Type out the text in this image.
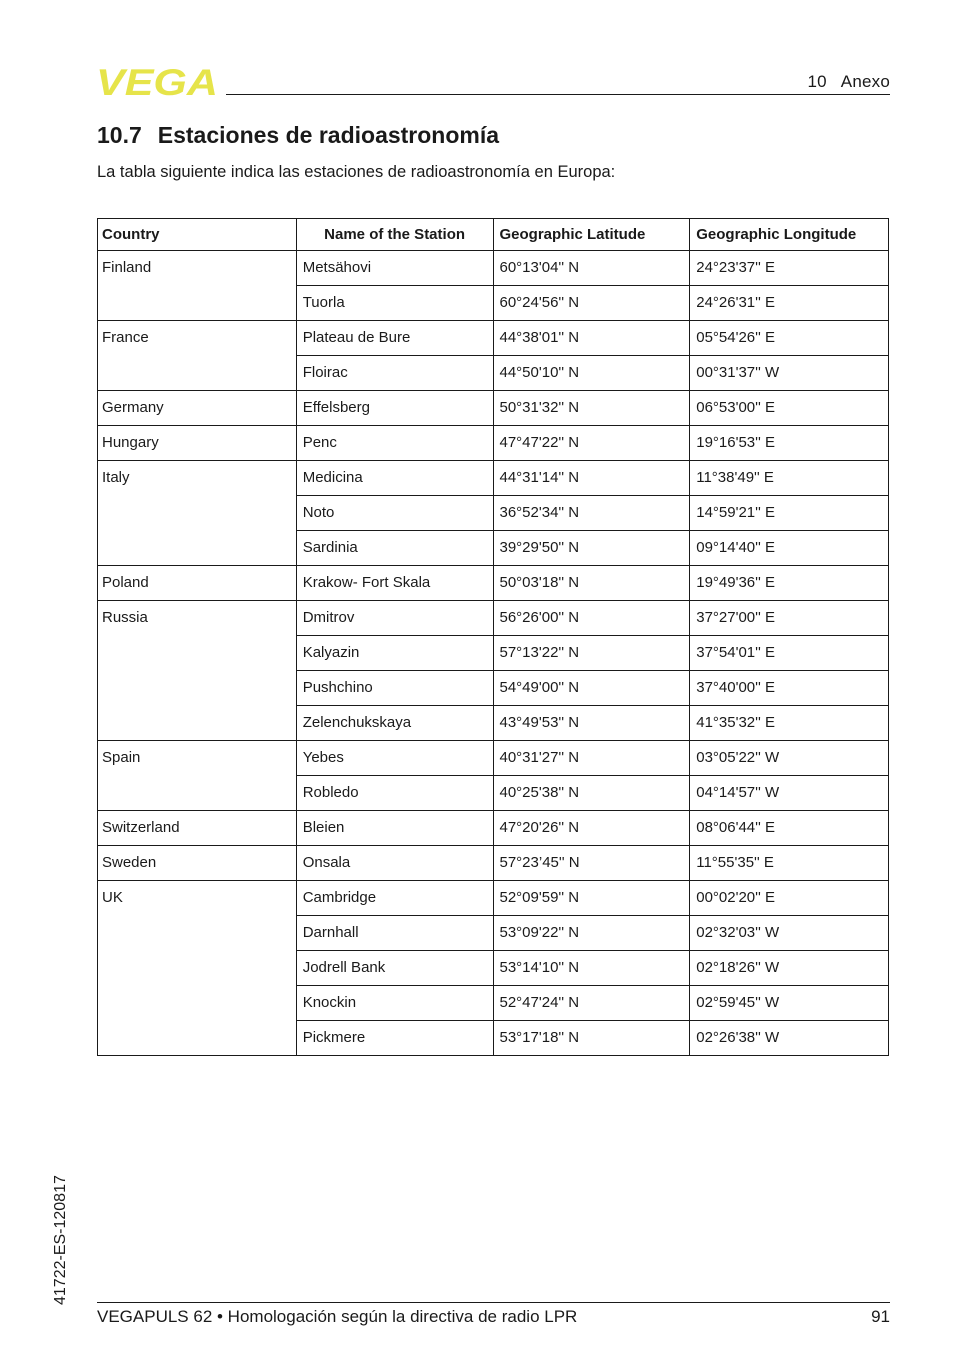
VEGA	10 Anexo
10.7 Estaciones de radioastronomía

La tabla siguiente indica las estaciones de radioastronomía en Europa:

Country	Name of the Station	Geographic Latitude	Geographic Longitude
Finland	Metsähovi	60°13'04'' N	24°23'37'' E
	Tuorla	60°24'56'' N	24°26'31'' E
France	Plateau de Bure	44°38'01'' N	05°54'26'' E
	Floirac	44°50'10'' N	00°31'37'' W
Germany	Effelsberg	50°31'32'' N	06°53'00'' E
Hungary	Penc	47°47'22'' N	19°16'53'' E
Italy	Medicina	44°31'14'' N	11°38'49'' E
	Noto	36°52'34'' N	14°59'21'' E
	Sardinia	39°29'50'' N	09°14'40'' E
Poland	Krakow- Fort Skala	50°03'18'' N	19°49'36'' E
Russia	Dmitrov	56°26'00'' N	37°27'00'' E
	Kalyazin	57°13'22'' N	37°54'01'' E
	Pushchino	54°49'00'' N	37°40'00'' E
	Zelenchukskaya	43°49'53'' N	41°35'32'' E
Spain	Yebes	40°31'27'' N	03°05'22'' W
	Robledo	40°25'38'' N	04°14'57'' W
Switzerland	Bleien	47°20'26'' N	08°06'44'' E
Sweden	Onsala	57°23’45'' N	11°55'35'' E
UK	Cambridge	52°09'59'' N	00°02'20'' E
	Darnhall	53°09'22'' N	02°32'03'' W
	Jodrell Bank	53°14'10'' N	02°18'26'' W
	Knockin	52°47'24'' N	02°59'45'' W
	Pickmere	53°17'18'' N	02°26'38'' W
41722-ES-120817
VEGAPULS 62 • Homologación según la directiva de radio LPR	91
